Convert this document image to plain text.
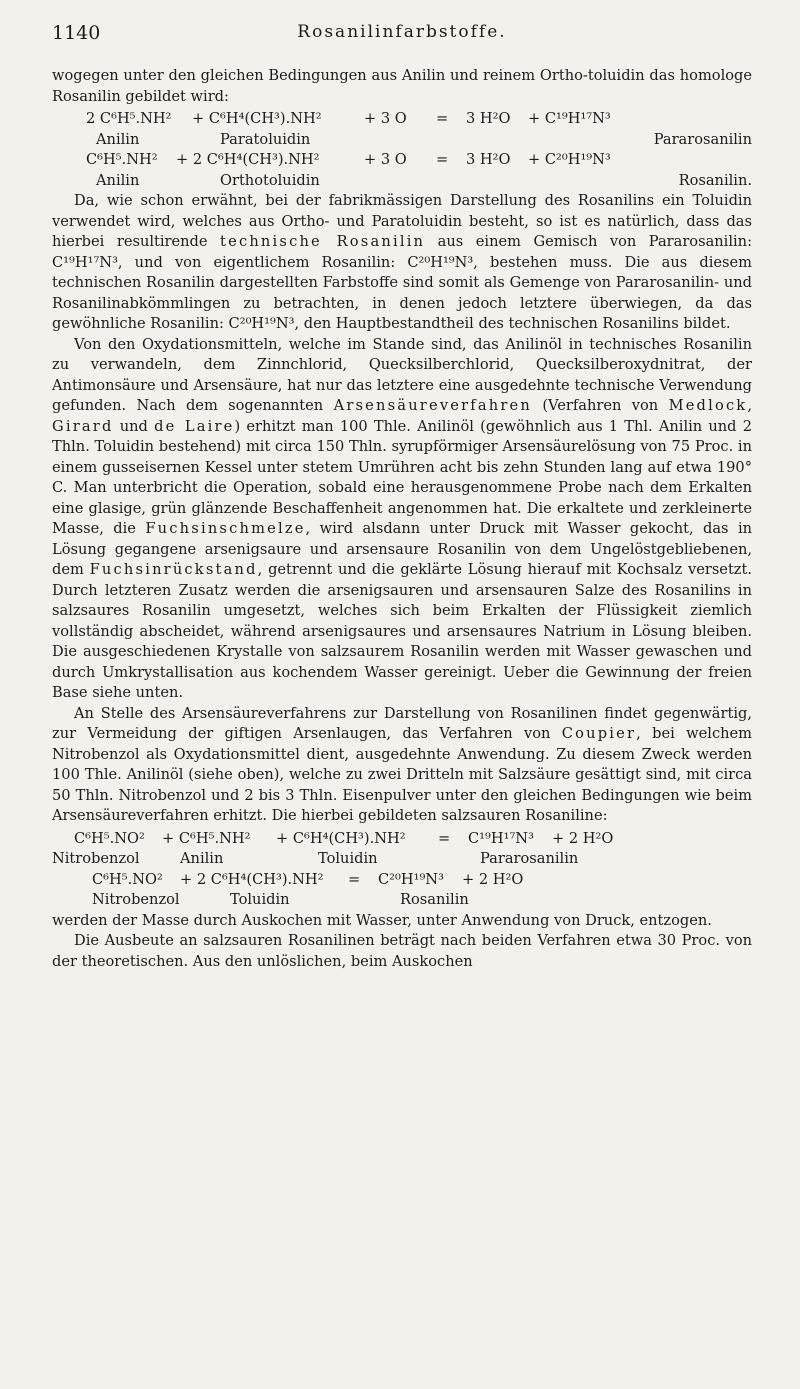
1140	Rosanilinfarbstoffe.

wogegen unter den gleichen Bedingungen aus Anilin und reinem Ortho-toluidin das homologe Rosanilin gebildet wird:

2 C⁶H⁵.NH² + C⁶H⁴(CH³).NH²	+ 3 O = 3 H²O + C¹⁹H¹⁷N³
Anilin	Paratoluidin	Pararosanilin
C⁶H⁵.NH² + 2 C⁶H⁴(CH³).NH²	+ 3 O = 3 H²O + C²⁰H¹⁹N³
Anilin	Orthotoluidin	Rosanilin.

Da, wie schon erwähnt, bei der fabrikmässigen Darstellung des Rosanilins ein Toluidin verwendet wird, welches aus Ortho- und Paratoluidin besteht, so ist es natürlich, dass das hierbei resultirende technische Rosanilin aus einem Gemisch von Pararosanilin: C¹⁹H¹⁷N³, und von eigentlichem Rosanilin: C²⁰H¹⁹N³, bestehen muss. Die aus diesem technischen Rosanilin dargestellten Farbstoffe sind somit als Gemenge von Pararosanilin- und Rosanilinabkömmlingen zu betrachten, in denen jedoch letztere überwiegen, da das gewöhnliche Rosanilin: C²⁰H¹⁹N³, den Hauptbestandtheil des technischen Rosanilins bildet.

Von den Oxydationsmitteln, welche im Stande sind, das Anilinöl in technisches Rosanilin zu verwandeln, dem Zinnchlorid, Quecksilberchlorid, Quecksilberoxydnitrat, der Antimonsäure und Arsensäure, hat nur das letztere eine ausgedehnte technische Verwendung gefunden. Nach dem sogenannten Arsensäureverfahren (Verfahren von Medlock, Girard und de Laire) erhitzt man 100 Thle. Anilinöl (gewöhnlich aus 1 Thl. Anilin und 2 Thln. Toluidin bestehend) mit circa 150 Thln. syrupförmiger Arsensäurelösung von 75 Proc. in einem gusseisernen Kessel unter stetem Umrühren acht bis zehn Stunden lang auf etwa 190° C. Man unterbricht die Operation, sobald eine herausgenommene Probe nach dem Erkalten eine glasige, grün glänzende Beschaffenheit angenommen hat. Die erkaltete und zerkleinerte Masse, die Fuchsinschmelze, wird alsdann unter Druck mit Wasser gekocht, das in Lösung gegangene arsenigsaure und arsensaure Rosanilin von dem Ungelöstgebliebenen, dem Fuchsinrückstand, getrennt und die geklärte Lösung hierauf mit Kochsalz versetzt. Durch letzteren Zusatz werden die arsenigsauren und arsensauren Salze des Rosanilins in salzsaures Rosanilin umgesetzt, welches sich beim Erkalten der Flüssigkeit ziemlich vollständig abscheidet, während arsenigsaures und arsensaures Natrium in Lösung bleiben. Die ausgeschiedenen Krystalle von salzsaurem Rosanilin werden mit Wasser gewaschen und durch Umkrystallisation aus kochendem Wasser gereinigt. Ueber die Gewinnung der freien Base siehe unten.

An Stelle des Arsensäureverfahrens zur Darstellung von Rosanilinen findet gegenwärtig, zur Vermeidung der giftigen Arsenlaugen, das Verfahren von Coupier, bei welchem Nitrobenzol als Oxydationsmittel dient, ausgedehnte Anwendung. Zu diesem Zweck werden 100 Thle. Anilinöl (siehe oben), welche zu zwei Dritteln mit Salzsäure gesättigt sind, mit circa 50 Thln. Nitrobenzol und 2 bis 3 Thln. Eisenpulver unter den gleichen Bedingungen wie beim Arsensäureverfahren erhitzt. Die hierbei gebildeten salzsauren Rosaniline:

C⁶H⁵.NO² + C⁶H⁵.NH² + C⁶H⁴(CH³).NH² = C¹⁹H¹⁷N³ + 2 H²O
Nitrobenzol	Anilin	Toluidin	Pararosanilin
C⁶H⁵.NO² + 2 C⁶H⁴(CH³).NH² = C²⁰H¹⁹N³ + 2 H²O
Nitrobenzol	Toluidin	Rosanilin

werden der Masse durch Auskochen mit Wasser, unter Anwendung von Druck, entzogen.

Die Ausbeute an salzsauren Rosanilinen beträgt nach beiden Verfahren etwa 30 Proc. von der theoretischen. Aus den unlöslichen, beim Auskochen
